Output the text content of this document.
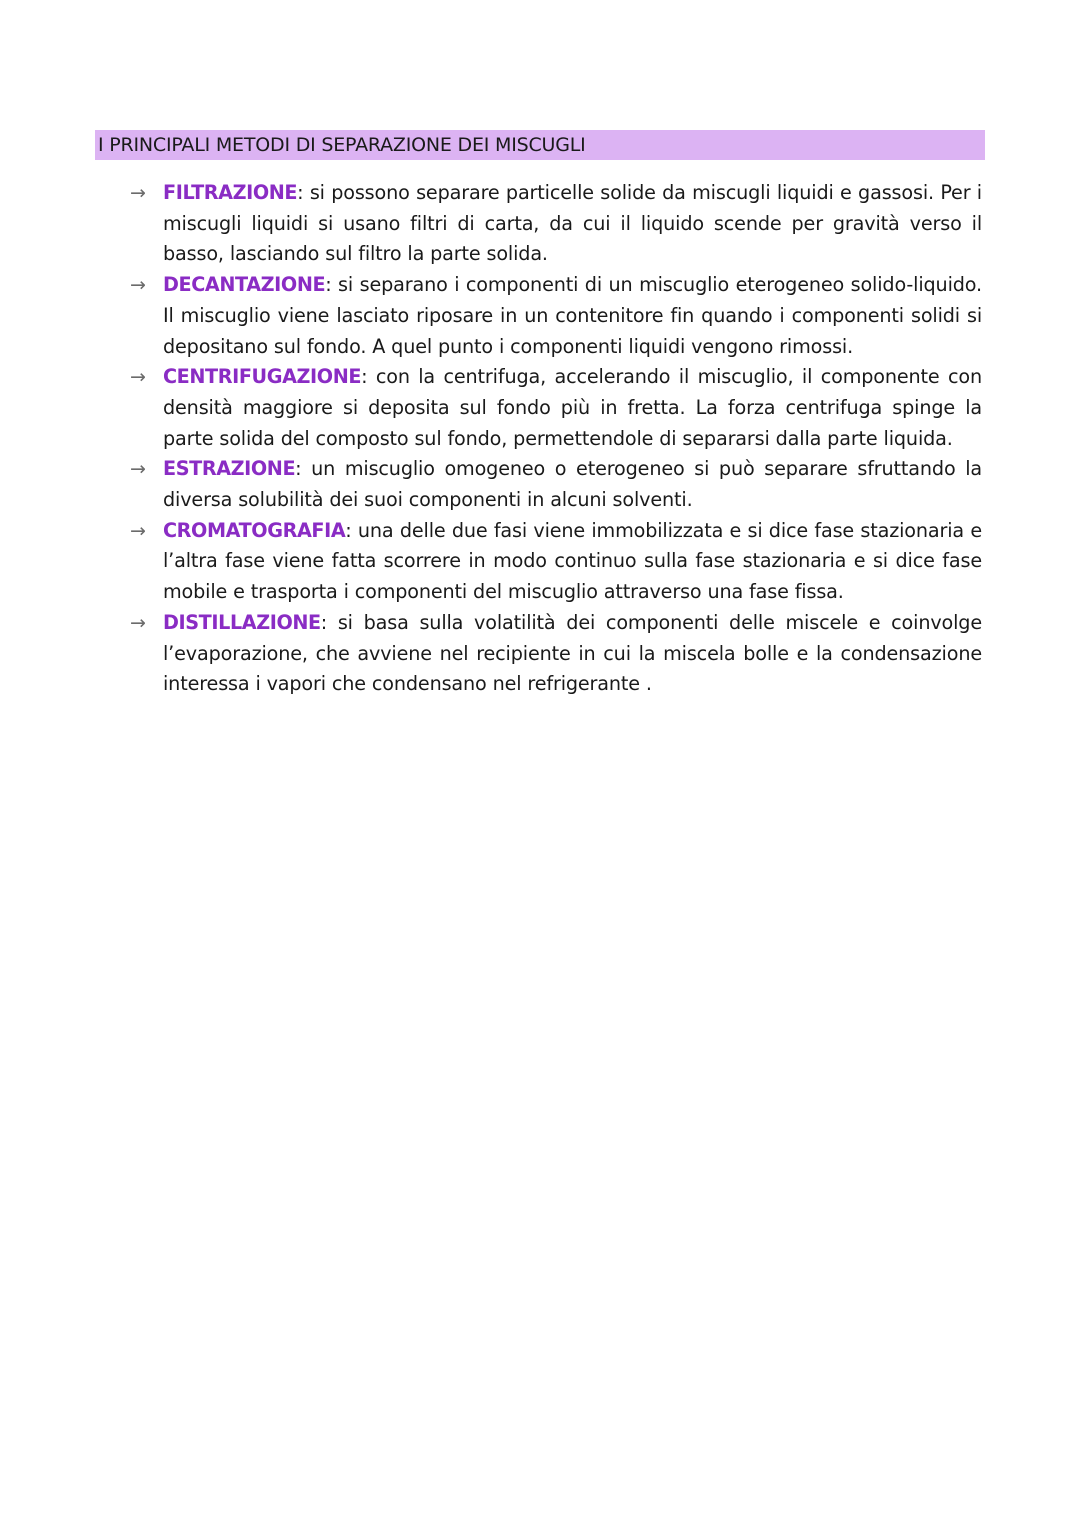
I PRINCIPALI METODI DI SEPARAZIONE DEI MISCUGLI
→ FILTRAZIONE: si possono separare particelle solide da miscugli liquidi e gassosi. Per i miscugli liquidi si usano filtri di carta, da cui il liquido scende per gravità verso il basso, lasciando sul filtro la parte solida.
→ DECANTAZIONE: si separano i componenti di un miscuglio eterogeneo solido-liquido. Il miscuglio viene lasciato riposare in un contenitore fin quando i componenti solidi si depositano sul fondo. A quel punto i componenti liquidi vengono rimossi.
→ CENTRIFUGAZIONE: con la centrifuga, accelerando il miscuglio, il componente con densità maggiore si deposita sul fondo più in fretta. La forza centrifuga spinge la parte solida del composto sul fondo, permettendole di separarsi dalla parte liquida.
→ ESTRAZIONE: un miscuglio omogeneo o eterogeneo si può separare sfruttando la diversa solubilità dei suoi componenti in alcuni solventi.
→ CROMATOGRAFIA: una delle due fasi viene immobilizzata e si dice fase stazionaria e l’altra fase viene fatta scorrere in modo continuo sulla fase stazionaria e si dice fase mobile e trasporta i componenti del miscuglio attraverso una fase fissa.
→ DISTILLAZIONE: si basa sulla volatilità dei componenti delle miscele e coinvolge l’evaporazione, che avviene nel recipiente in cui la miscela bolle e la condensazione interessa i vapori che condensano nel refrigerante .
